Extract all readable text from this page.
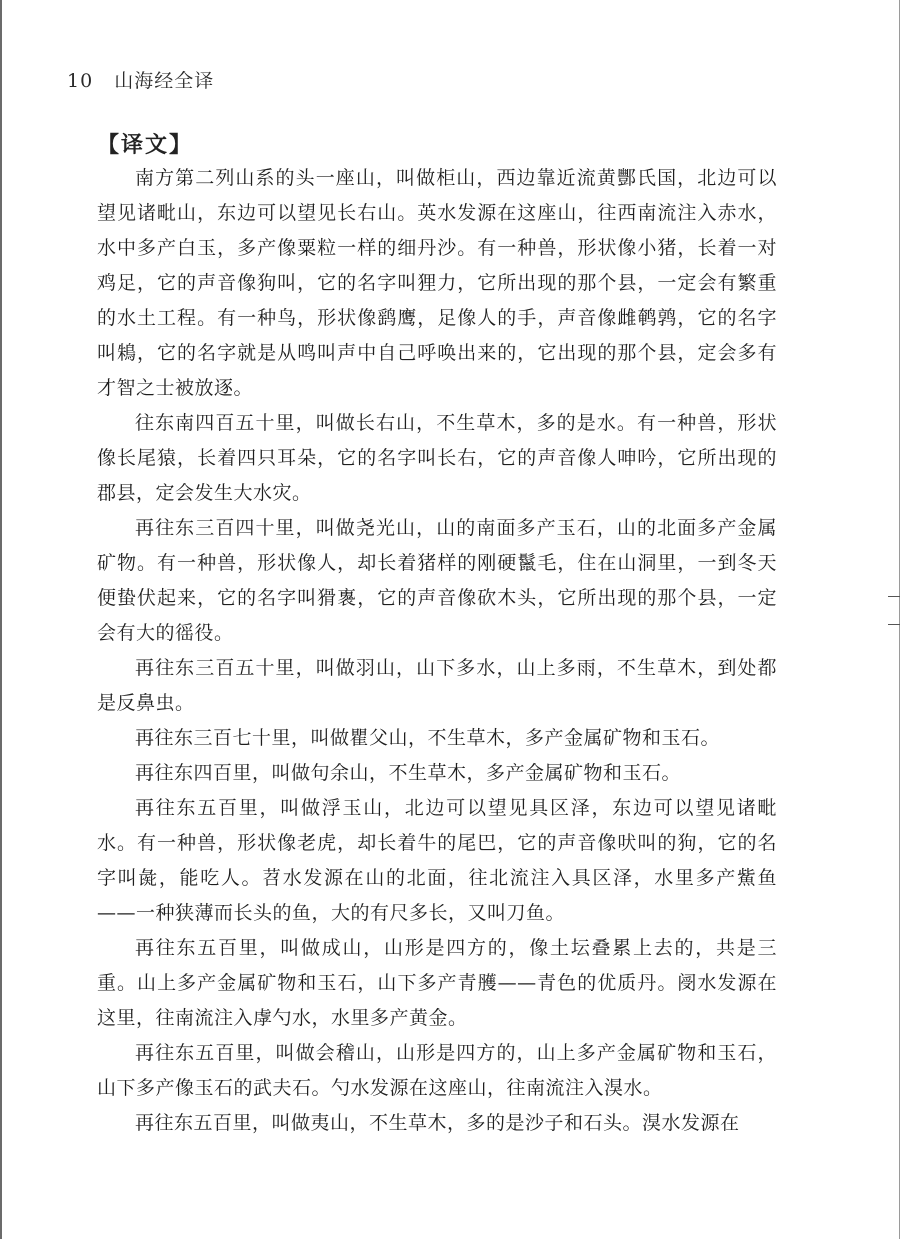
10 山海经全译
【译文】

南方第二列山系的头一座山，叫做柜山，西边靠近流黄酆氏国，北边可以望见诸毗山，东边可以望见长右山。英水发源在这座山，往西南流注入赤水，水中多产白玉，多产像粟粒一样的细丹沙。有一种兽，形状像小猪，长着一对鸡足，它的声音像狗叫，它的名字叫狸力，它所出现的那个县，一定会有繁重的水土工程。有一种鸟，形状像鹞鹰，足像人的手，声音像雌鹌鹑，它的名字叫鴸，它的名字就是从鸣叫声中自己呼唤出来的，它出现的那个县，定会多有才智之士被放逐。

往东南四百五十里，叫做长右山，不生草木，多的是水。有一种兽，形状像长尾猿，长着四只耳朵，它的名字叫长右，它的声音像人呻吟，它所出现的郡县，定会发生大水灾。

再往东三百四十里，叫做尧光山，山的南面多产玉石，山的北面多产金属矿物。有一种兽，形状像人，却长着猪样的刚硬鬣毛，住在山洞里，一到冬天便蛰伏起来，它的名字叫猾褢，它的声音像砍木头，它所出现的那个县，一定会有大的徭役。

再往东三百五十里，叫做羽山，山下多水，山上多雨，不生草木，到处都是反鼻虫。

再往东三百七十里，叫做瞿父山，不生草木，多产金属矿物和玉石。

再往东四百里，叫做句余山，不生草木，多产金属矿物和玉石。

再往东五百里，叫做浮玉山，北边可以望见具区泽，东边可以望见诸毗水。有一种兽，形状像老虎，却长着牛的尾巴，它的声音像吠叫的狗，它的名字叫彘，能吃人。苕水发源在山的北面，往北流注入具区泽，水里多产鮆鱼——一种狭薄而长头的鱼，大的有尺多长，又叫刀鱼。

再往东五百里，叫做成山，山形是四方的，像土坛叠累上去的，共是三重。山上多产金属矿物和玉石，山下多产青雘——青色的优质丹。阌水发源在这里，往南流注入虖勺水，水里多产黄金。

再往东五百里，叫做会稽山，山形是四方的，山上多产金属矿物和玉石，山下多产像玉石的武夫石。勺水发源在这座山，往南流注入湨水。

再往东五百里，叫做夷山，不生草木，多的是沙子和石头。湨水发源在
